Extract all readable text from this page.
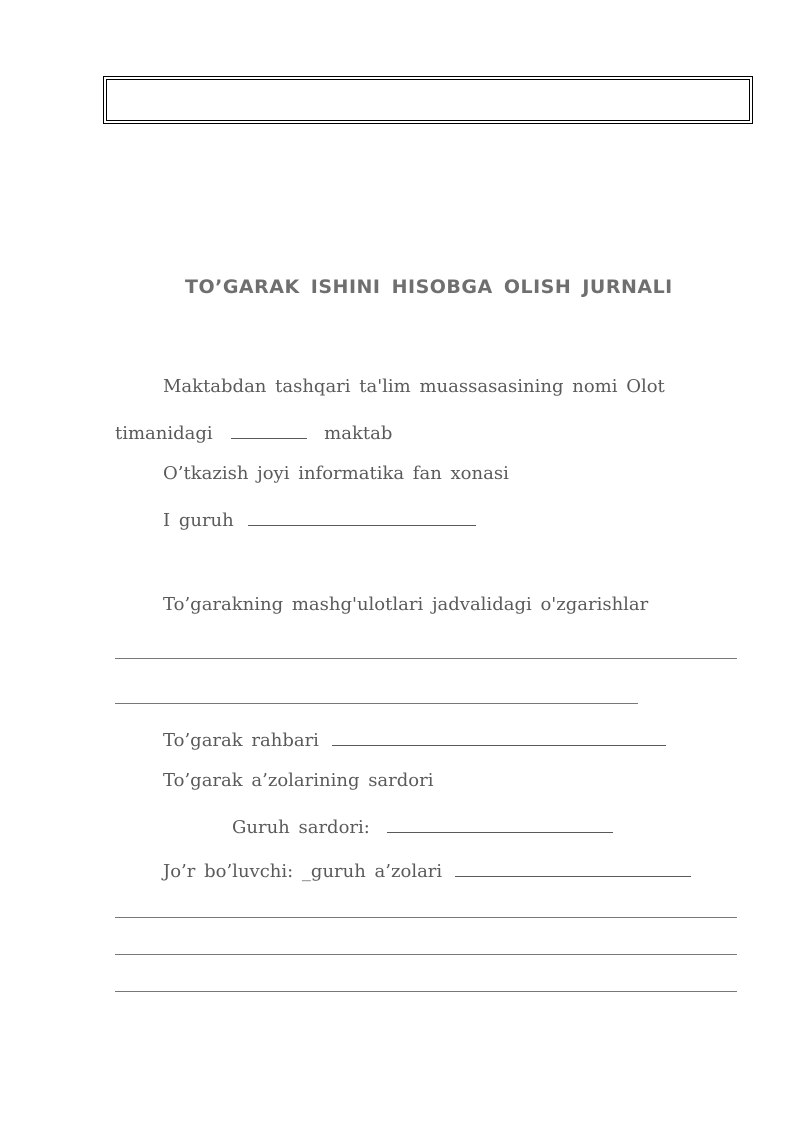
TO’GARAK ISHINI HISOBGA OLISH JURNALI
Maktabdan tashqari ta'lim muassasasining nomi Olot
timanidagi	maktab
O’tkazish joyi informatika fan xonasi
I guruh
To’garakning mashg'ulotlari jadvalidagi o'zgarishlar
To’garak rahbari
To’garak a’zolarining sardori
Guruh sardori:
Jo’r bo’luvchi: _guruh a’zolari
